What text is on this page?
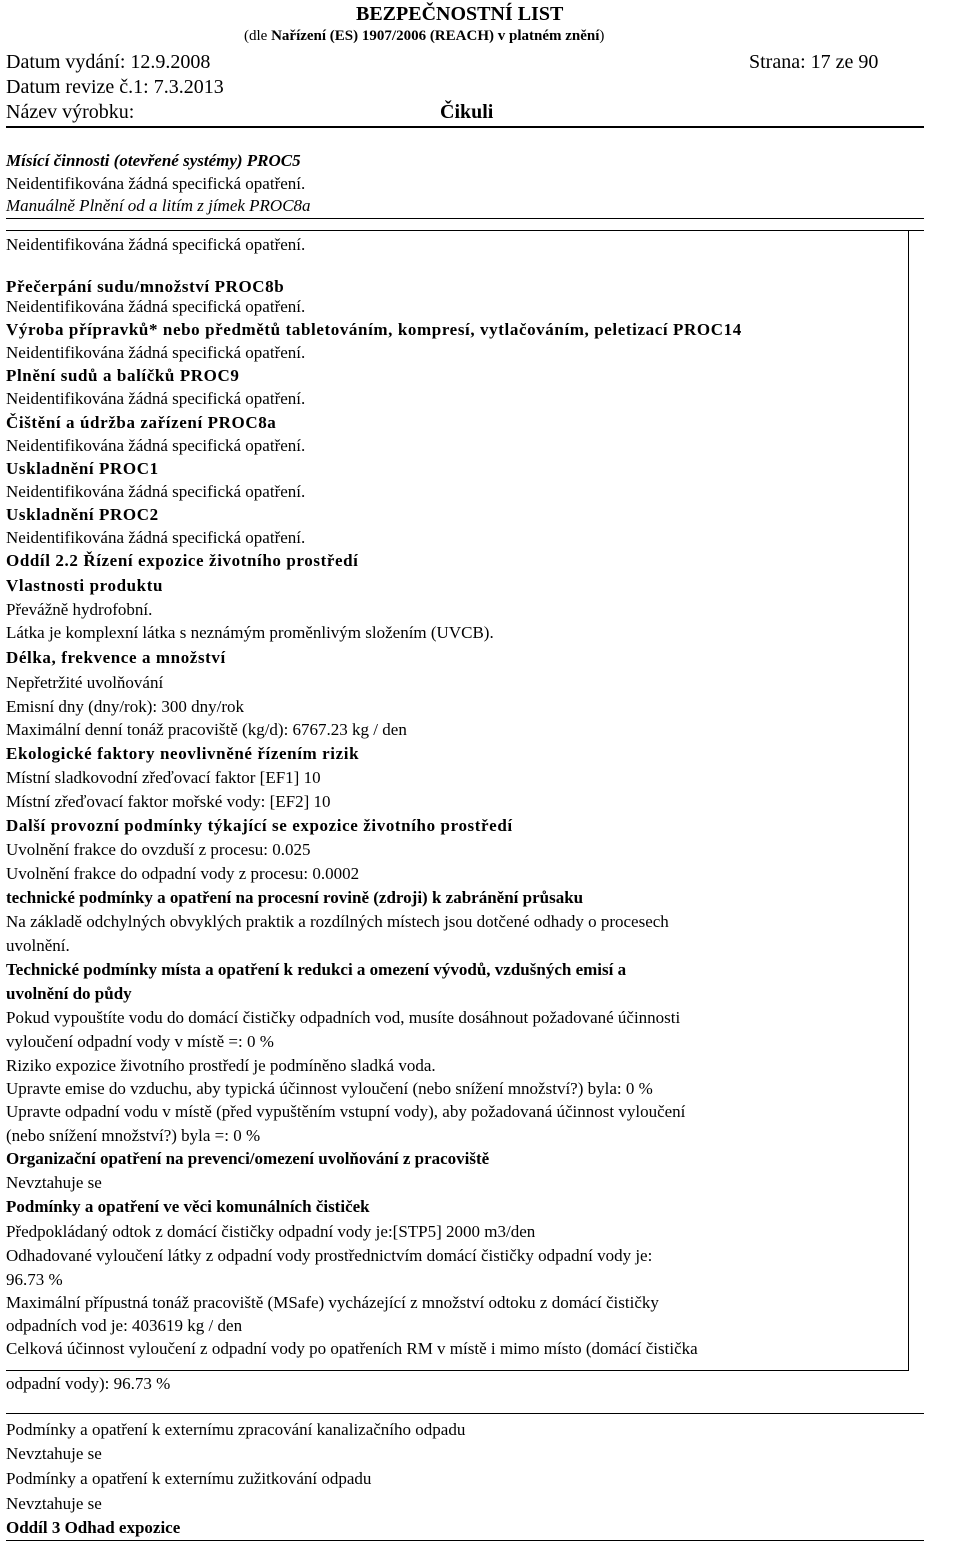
BEZPEČNOSTNÍ LIST
(dle Nařízení (ES) 1907/2006 (REACH) v platném znění)
Datum vydání: 12.9.2008	Strana: 17 ze 90
Datum revize č.1: 7.3.2013
Název výrobku:	Čikuli
Mísící činnosti (otevřené systémy) PROC5
Neidentifikována žádná specifická opatření.
Manuálně Plnění od a litím z jímek PROC8a
Neidentifikována žádná specifická opatření.
Přečerpání sudu/množství PROC8b
Neidentifikována žádná specifická opatření.
Výroba přípravků* nebo předmětů tabletováním, kompresí, vytlačováním, peletizací PROC14
Neidentifikována žádná specifická opatření.
Plnění sudů a balíčků PROC9
Neidentifikována žádná specifická opatření.
Čištění a údržba zařízení PROC8a
Neidentifikována žádná specifická opatření.
Uskladnění PROC1
Neidentifikována žádná specifická opatření.
Uskladnění PROC2
Neidentifikována žádná specifická opatření.
Oddíl 2.2 Řízení expozice životního prostředí
Vlastnosti produktu
Převážně hydrofobní.
Látka je komplexní látka s neznámým proměnlivým složením (UVCB).
Délka, frekvence a množství
Nepřetržité uvolňování
Emisní dny (dny/rok): 300 dny/rok
Maximální denní tonáž pracoviště (kg/d): 6767.23 kg / den
Ekologické faktory neovlivněné řízením rizik
Místní sladkovodní zřeďovací faktor [EF1] 10
Místní zřeďovací faktor mořské vody: [EF2] 10
Další provozní podmínky týkající se expozice životního prostředí
Uvolnění frakce do ovzduší z procesu: 0.025
Uvolnění frakce do odpadní vody z procesu: 0.0002
technické podmínky a opatření na procesní rovině (zdroji) k zabránění průsaku
Na základě odchylných obvyklých praktik a rozdílných místech jsou dotčené odhady o procesech
uvolnění.
Technické podmínky místa a opatření k redukci a omezení vývodů, vzdušných emisí a
uvolnění do půdy
Pokud vypouštíte vodu do domácí čističky odpadních vod, musíte dosáhnout požadované účinnosti
vyloučení odpadní vody v místě =: 0 %
Riziko expozice životního prostředí je podmíněno sladká voda.
Upravte emise do vzduchu, aby typická účinnost vyloučení (nebo snížení množství?) byla: 0 %
Upravte odpadní vodu v místě (před vypuštěním vstupní vody), aby požadovaná účinnost vyloučení
(nebo snížení množství?) byla =: 0 %
Organizační opatření na prevenci/omezení uvolňování z pracoviště
Nevztahuje se
Podmínky a opatření ve věci komunálních čističek
Předpokládaný odtok z domácí čističky odpadní vody je:[STP5] 2000 m3/den
Odhadované vyloučení látky z odpadní vody prostřednictvím domácí čističky odpadní vody je:
96.73 %
Maximální přípustná tonáž pracoviště (MSafe) vycházející z množství odtoku z domácí čističky
odpadních vod je: 403619 kg / den
Celková účinnost vyloučení z odpadní vody po opatřeních RM v místě i mimo místo (domácí čistička
odpadní vody): 96.73 %
Podmínky a opatření k externímu zpracování kanalizačního odpadu
Nevztahuje se
Podmínky a opatření k externímu zužitkování odpadu
Nevztahuje se
Oddíl 3 Odhad expozice
